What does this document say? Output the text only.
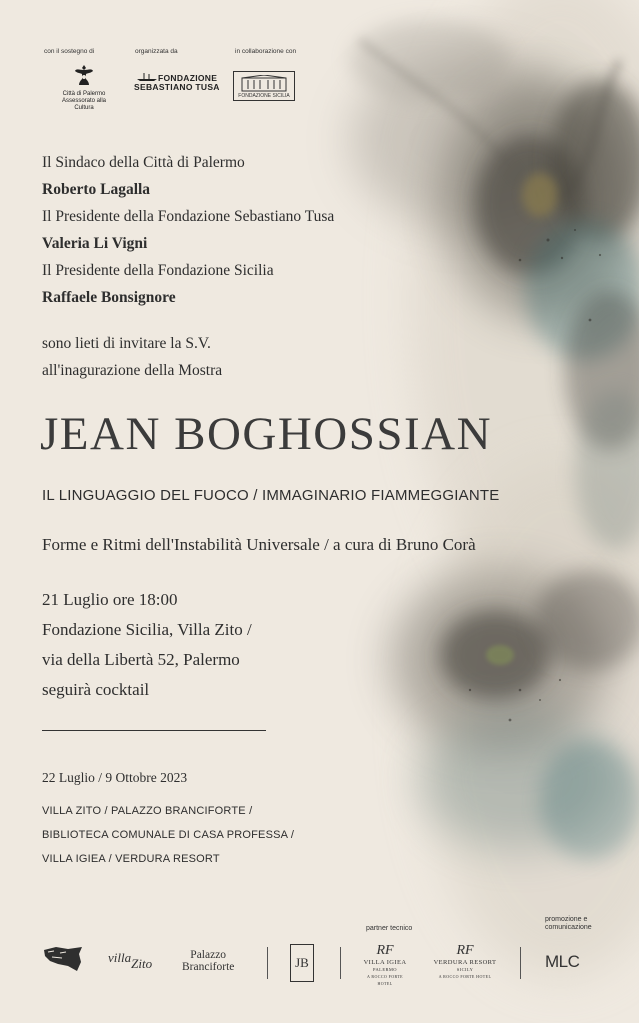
con il sostegno di	organizzata da	in collaborazione con
Città di Palermo
Assessorato alla Cultura
FONDAZIONE
SEBASTIANO TUSA
FONDAZIONE SICILIA
Il Sindaco della Città di Palermo
Roberto Lagalla
Il Presidente della Fondazione Sebastiano Tusa
Valeria Li Vigni
Il Presidente della Fondazione Sicilia
Raffaele Bonsignore
sono lieti di invitare la S.V.
all'inagurazione della Mostra
JEAN BOGHOSSIAN
IL LINGUAGGIO DEL FUOCO / IMMAGINARIO FIAMMEGGIANTE
Forme e Ritmi dell'Instabilità Universale / a cura di Bruno Corà
21 Luglio ore 18:00
Fondazione Sicilia, Villa Zito /
via della Libertà 52, Palermo
seguirà cocktail
22 Luglio / 9 Ottobre 2023
VILLA ZITO / PALAZZO BRANCIFORTE /
BIBLIOTECA COMUNALE DI CASA PROFESSA /
VILLA IGIEA / VERDURA RESORT
partner tecnico
promozione e
comunicazione
villa$_{Zito}$
Palazzo
Branciforte	JB
RF
VILLA IGIEA
PALERMO
A ROCCO FORTE HOTEL
RF
VERDURA RESORT
SICILY
A ROCCO FORTE HOTEL
MLC
